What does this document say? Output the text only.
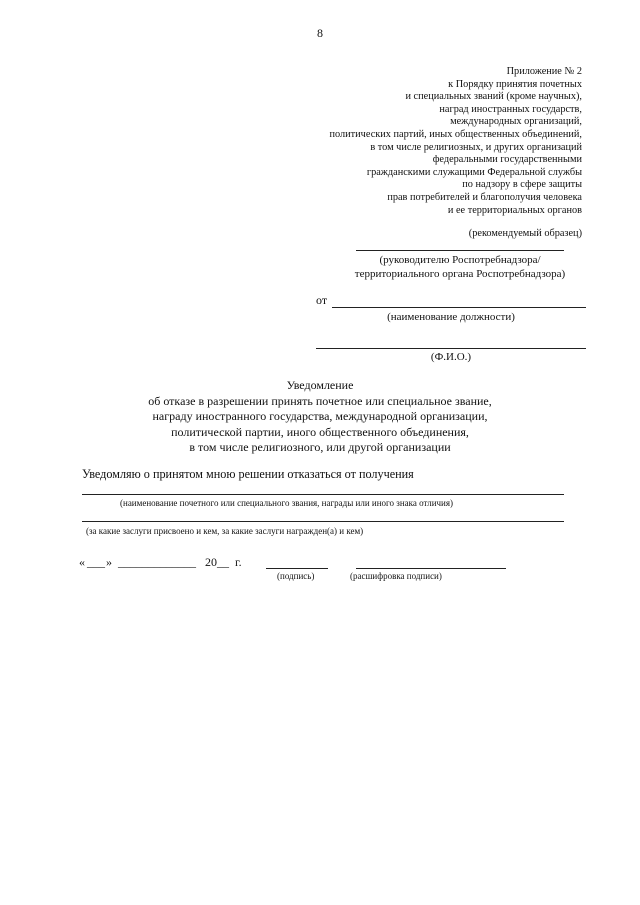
8
Приложение № 2
к Порядку принятия почетных
и специальных званий (кроме научных),
наград иностранных государств,
международных организаций,
политических партий, иных общественных объединений,
в том числе религиозных, и других организаций
федеральными государственными
гражданскими служащими Федеральной службы
по надзору в сфере защиты
прав потребителей и благополучия человека
и ее территориальных органов
(рекомендуемый образец)
(руководителю Роспотребнадзора/
территориального органа Роспотребнадзора)
от
(наименование должности)
(Ф.И.О.)
Уведомление
об отказе в разрешении принять почетное или специальное звание,
награду иностранного государства, международной организации,
политической партии, иного общественного объединения,
в том числе религиозного, или другой организации
Уведомляю о принятом мною решении отказаться от получения
(наименование почетного или специального звания, награды или иного знака отличия)
(за какие заслуги присвоено и кем, за какие заслуги награжден(а) и кем)
« ___ » _____________ 20__ г.
(подпись)	(расшифровка подписи)
